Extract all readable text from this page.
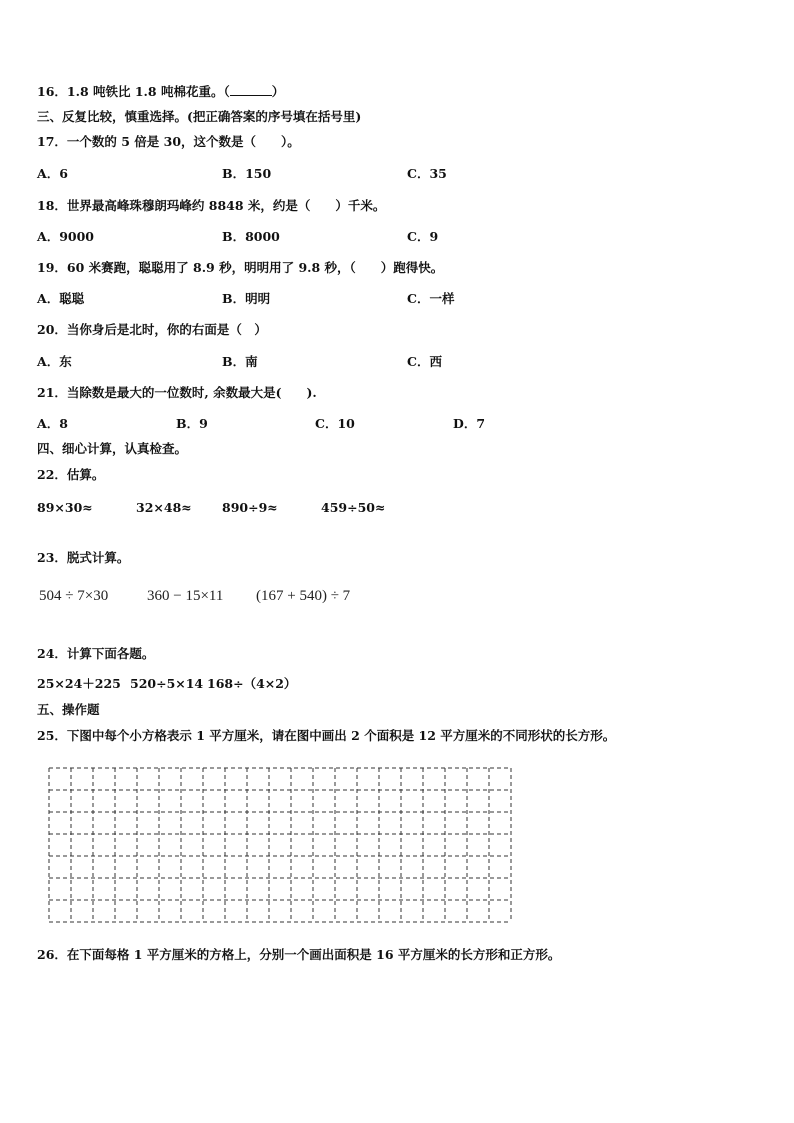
16．1.8 吨铁比 1.8 吨棉花重。（	）
三、反复比较，慎重选择。(把正确答案的序号填在括号里)
17．一个数的 5 倍是 30，这个数是（　　）。
A．6	B．150	C．35
18．世界最高峰珠穆朗玛峰约 8848 米，约是（　　）千米。
A．9000	B．8000	C．9
19．60 米赛跑，聪聪用了 8.9 秒，明明用了 9.8 秒，（　　）跑得快。
A．聪聪	B．明明	C．一样
20．当你身后是北时，你的右面是（　）
A．东	B．南	C．西
21．当除数是最大的一位数时, 余数最大是(　　).
A．8	B．9	C．10	D．7
四、细心计算，认真检查。
22．估算。
89×30≈	32×48≈ 890÷9≈	459÷50≈
23．脱式计算。
504 ÷ 7×30	360 − 15×11 (167 + 540) ÷ 7
24．计算下面各题。
25×24＋225 520÷5×14 168÷（4×2）
五、操作题
25．下图中每个小方格表示 1 平方厘米，请在图中画出 2 个面积是 12 平方厘米的不同形状的长方形。
26．在下面每格 1 平方厘米的方格上，分别一个画出面积是 16 平方厘米的长方形和正方形。
